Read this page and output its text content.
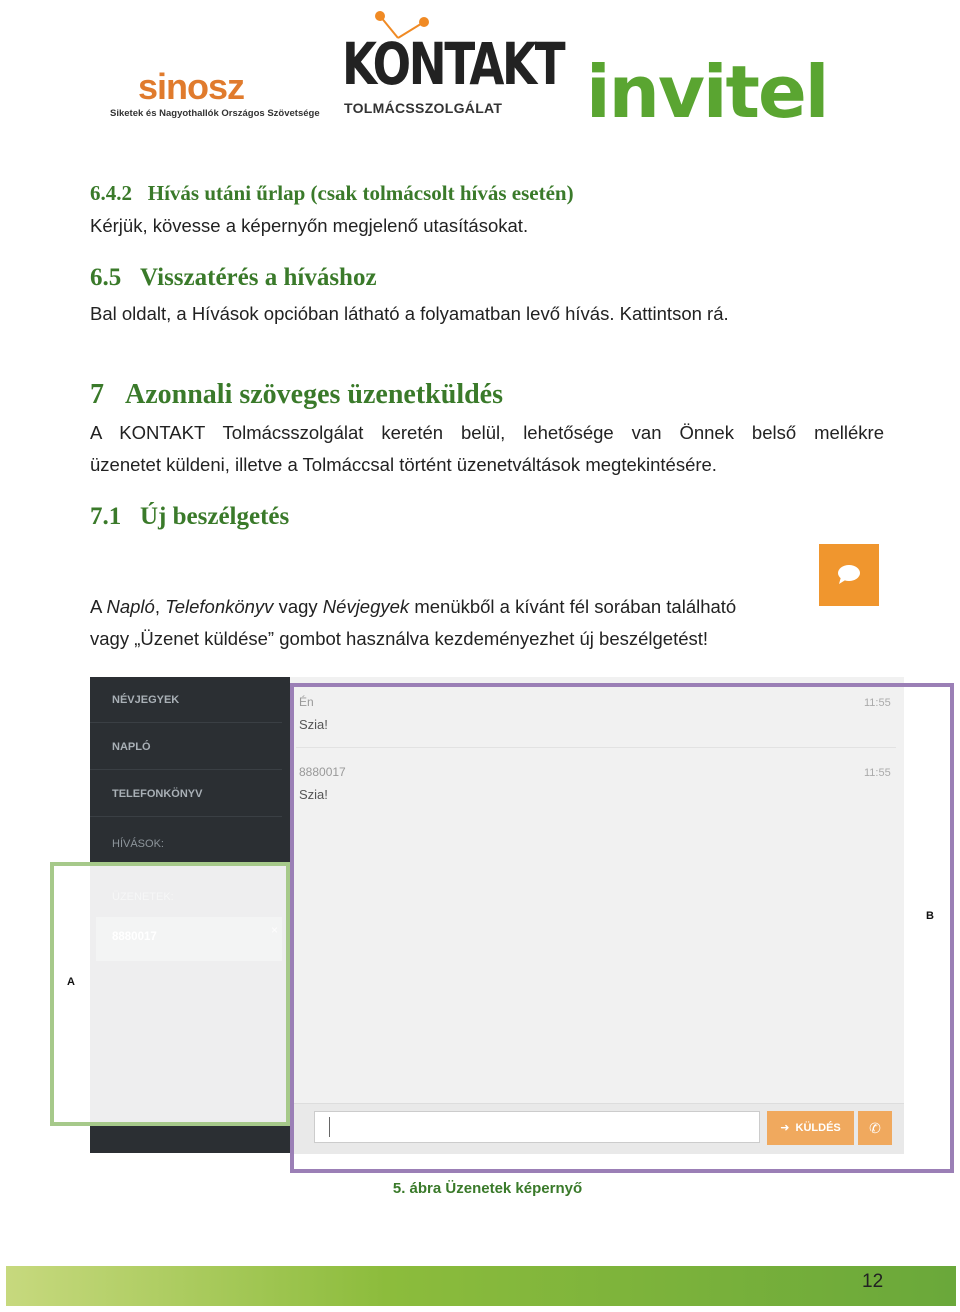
sinosz
Siketek és Nagyothallók Országos Szövetsége
KONTAKT
TOLMÁCSSZOLGÁLAT invitel
6.4.2 Hívás utáni űrlap (csak tolmácsolt hívás esetén)
Kérjük, kövesse a képernyőn megjelenő utasításokat.
6.5 Visszatérés a híváshoz
Bal oldalt, a Hívások opcióban látható a folyamatban levő hívás. Kattintson rá.
7 Azonnali szöveges üzenetküldés
A KONTAKT Tolmácsszolgálat keretén belül, lehetősége van Önnek belső mellékre
üzenetet küldeni, illetve a Tolmáccsal történt üzenetváltások megtekintésére.
7.1 Új beszélgetés
A Napló, Telefonkönyv vagy Névjegyek menükből a kívánt fél sorában található
vagy „Üzenet küldése” gombot használva kezdeményezhet új beszélgetést!
NÉVJEGYEK
NAPLÓ
TELEFONKÖNYV
HÍVÁSOK:
Én	11:55
Szia!
8880017	11:55
Szia!
➜ KÜLDÉS	✆
A
B
5. ábra Üzenetek képernyő
12
